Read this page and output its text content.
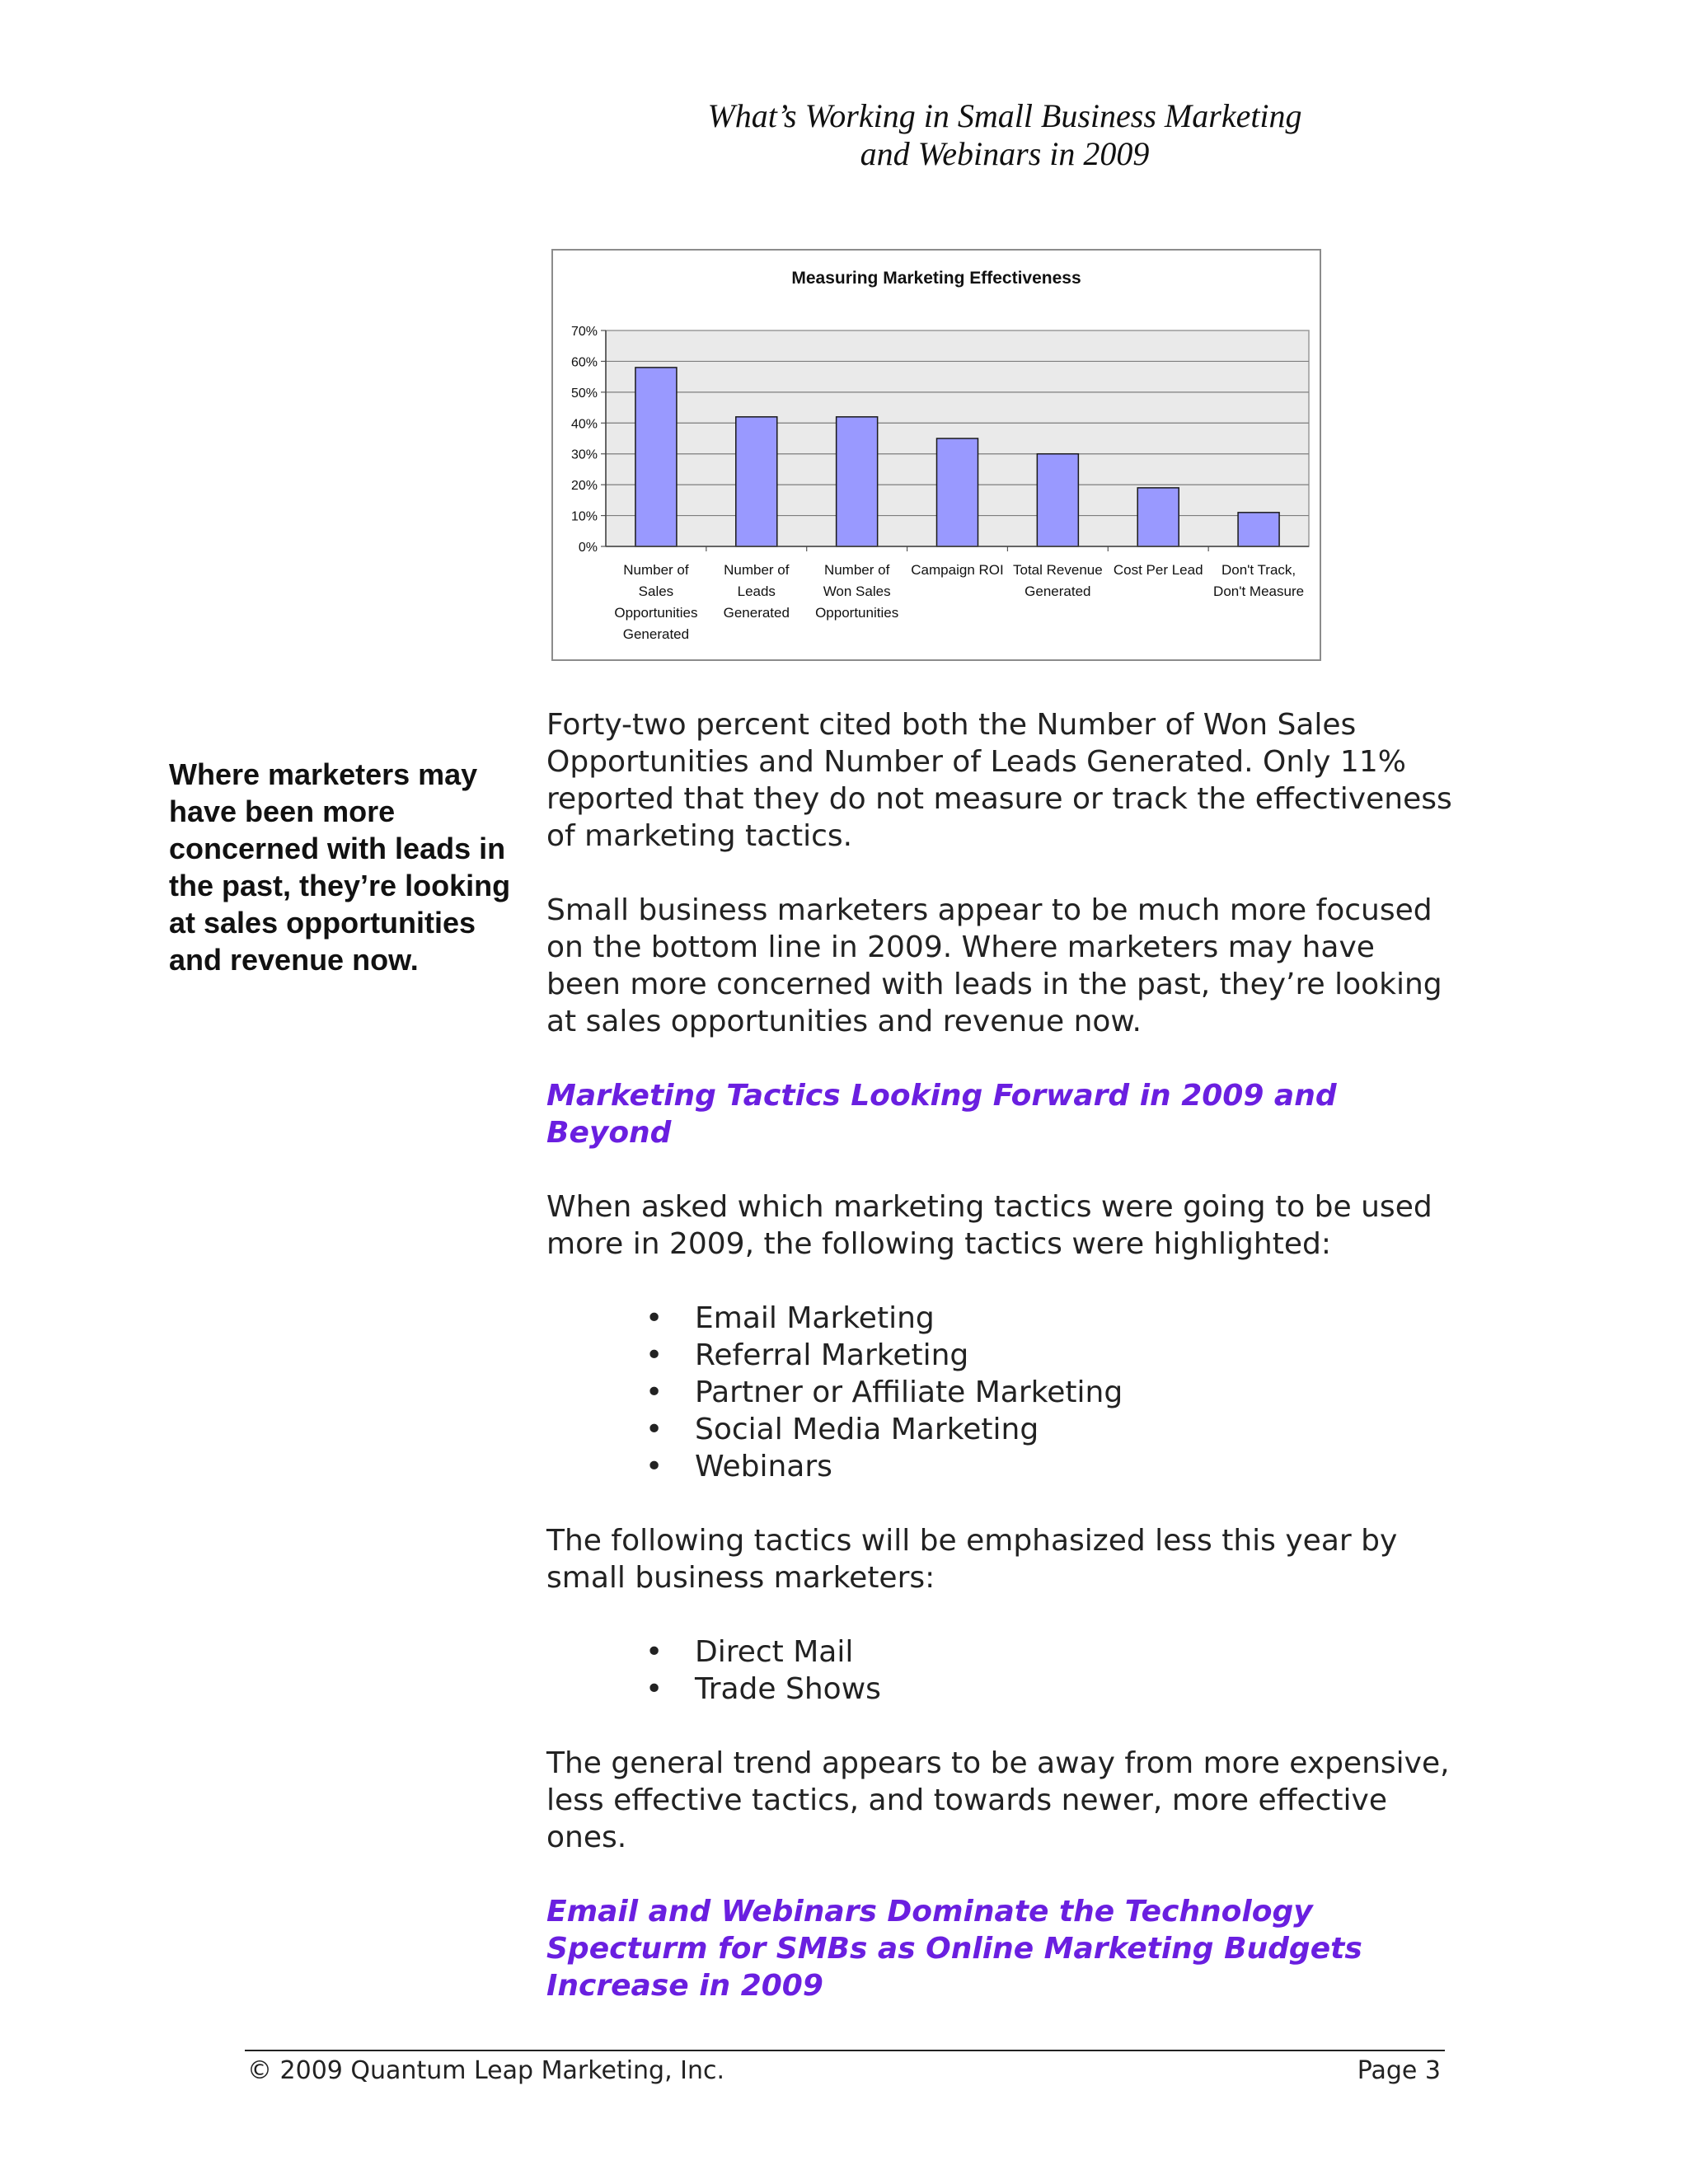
What’s Working in Small Business Marketing
and Webinars in 2009
Measuring Marketing Effectiveness
0%
10%
20%
30%
40%
50%
60%
70%
Number of
Sales
Opportunities
Generated
Number of
Leads
Generated
Number of
Won Sales
Opportunities
Campaign ROI Total Revenue
Generated
Cost Per Lead Don't Track,
Don't Measure
Where marketers may have been more concerned with leads in the past, they’re looking at sales opportunities and revenue now.

Forty-two percent cited both the Number of Won Sales Opportunities and Number of Leads Generated. Only 11% reported that they do not measure or track the effectiveness of marketing tactics.

Small business marketers appear to be much more focused on the bottom line in 2009. Where marketers may have been more concerned with leads in the past, they’re looking at sales opportunities and revenue now.

Marketing Tactics Looking Forward in 2009 and Beyond

When asked which marketing tactics were going to be used more in 2009, the following tactics were highlighted:

• Email Marketing
• Referral Marketing
• Partner or Affiliate Marketing
• Social Media Marketing
• Webinars

The following tactics will be emphasized less this year by small business marketers:

• Direct Mail
• Trade Shows

The general trend appears to be away from more expensive, less effective tactics, and towards newer, more effective ones.

Email and Webinars Dominate the Technology Specturm for SMBs as Online Marketing Budgets Increase in 2009
© 2009 Quantum Leap Marketing, Inc.	Page 3
